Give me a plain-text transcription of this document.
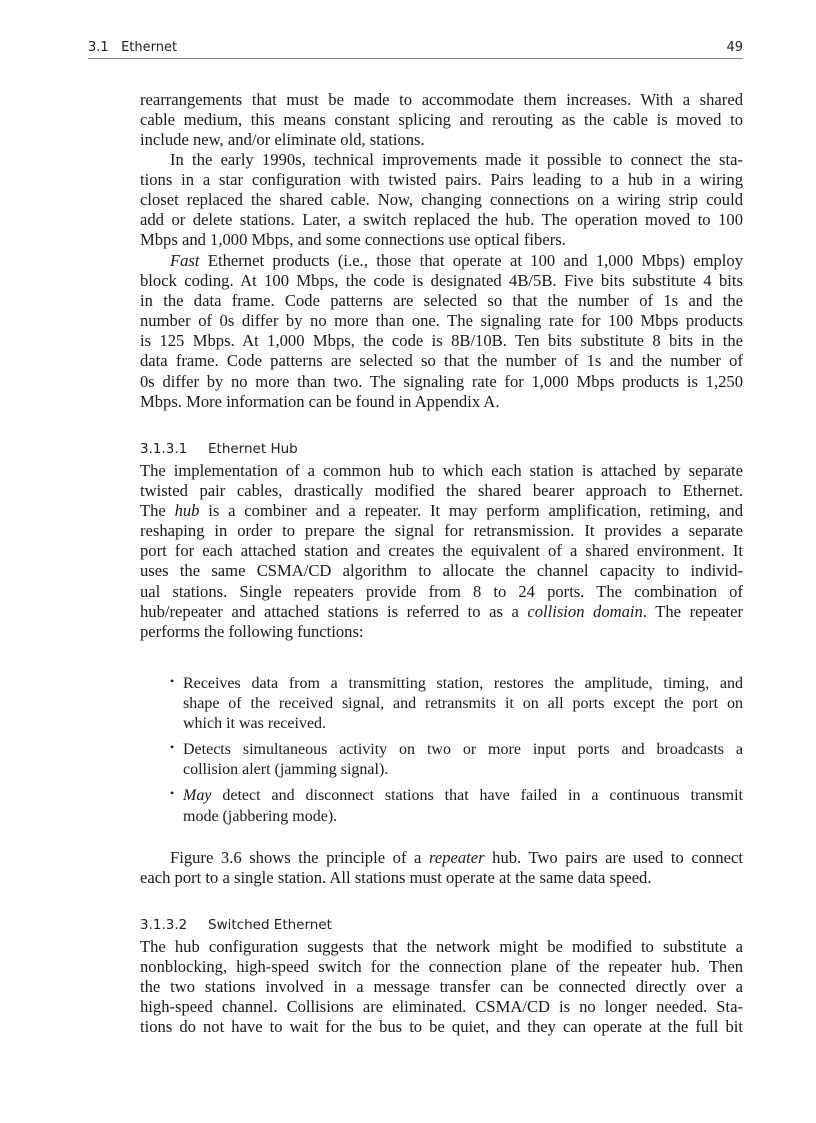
3.1   Ethernet	49
rearrangements that must be made to accommodate them increases. With a shared
cable medium, this means constant splicing and rerouting as the cable is moved to
include new, and/or eliminate old, stations.
In the early 1990s, technical improvements made it possible to connect the sta-
tions in a star configuration with twisted pairs. Pairs leading to a hub in a wiring
closet replaced the shared cable. Now, changing connections on a wiring strip could
add or delete stations. Later, a switch replaced the hub. The operation moved to 100
Mbps and 1,000 Mbps, and some connections use optical fibers.
Fast Ethernet products (i.e., those that operate at 100 and 1,000 Mbps) employ
block coding. At 100 Mbps, the code is designated 4B/5B. Five bits substitute 4 bits
in the data frame. Code patterns are selected so that the number of 1s and the
number of 0s differ by no more than one. The signaling rate for 100 Mbps products
is 125 Mbps. At 1,000 Mbps, the code is 8B/10B. Ten bits substitute 8 bits in the
data frame. Code patterns are selected so that the number of 1s and the number of
0s differ by no more than two. The signaling rate for 1,000 Mbps products is 1,250
Mbps. More information can be found in Appendix A.
3.1.3.1 Ethernet Hub
The implementation of a common hub to which each station is attached by separate
twisted pair cables, drastically modified the shared bearer approach to Ethernet.
The hub is a combiner and a repeater. It may perform amplification, retiming, and
reshaping in order to prepare the signal for retransmission. It provides a separate
port for each attached station and creates the equivalent of a shared environment. It
uses the same CSMA/CD algorithm to allocate the channel capacity to individ-
ual stations. Single repeaters provide from 8 to 24 ports. The combination of
hub/repeater and attached stations is referred to as a collision domain. The repeater
performs the following functions:
• Receives data from a transmitting station, restores the amplitude, timing, and
shape of the received signal, and retransmits it on all ports except the port on
which it was received.
• Detects simultaneous activity on two or more input ports and broadcasts a
collision alert (jamming signal).
• May detect and disconnect stations that have failed in a continuous transmit
mode (jabbering mode).
Figure 3.6 shows the principle of a repeater hub. Two pairs are used to connect
each port to a single station. All stations must operate at the same data speed.
3.1.3.2 Switched Ethernet
The hub configuration suggests that the network might be modified to substitute a
nonblocking, high-speed switch for the connection plane of the repeater hub. Then
the two stations involved in a message transfer can be connected directly over a
high-speed channel. Collisions are eliminated. CSMA/CD is no longer needed. Sta-
tions do not have to wait for the bus to be quiet, and they can operate at the full bit
